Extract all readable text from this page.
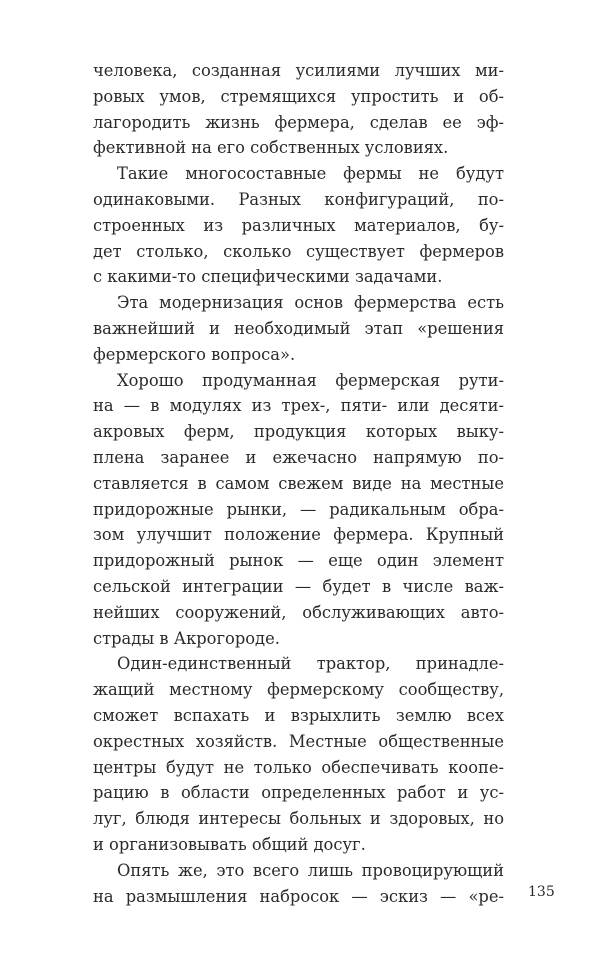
человека, созданная усилиями лучших ми-
ровых умов, стремящихся упростить и об-
лагородить жизнь фермера, сделав ее эф-
фективной на его собственных условиях.
Такие многосоставные фермы не будут
одинаковыми. Разных конфигураций, по-
строенных из различных материалов, бу-
дет столько, сколько существует фермеров
с какими-то специфическими задачами.
Эта модернизация основ фермерства есть
важнейший и необходимый этап «решения
фермерского вопроса».
Хорошо продуманная фермерская рути-
на — в модулях из трех-, пяти- или десяти-
акровых ферм, продукция которых выку-
плена заранее и ежечасно напрямую по-
ставляется в самом свежем виде на местные
придорожные рынки, — радикальным обра-
зом улучшит положение фермера. Крупный
придорожный рынок — еще один элемент
сельской интеграции — будет в числе важ-
нейших сооружений, обслуживающих авто-
страды в Акрогороде.
Один-единственный трактор, принадле-
жащий местному фермерскому сообществу,
сможет вспахать и взрыхлить землю всех
окрестных хозяйств. Местные общественные
центры будут не только обеспечивать коопе-
рацию в области определенных работ и ус-
луг, блюдя интересы больных и здоровых, но
и организовывать общий досуг.
Опять же, это всего лишь провоцирующий
на размышления набросок — эскиз — «ре- 135
